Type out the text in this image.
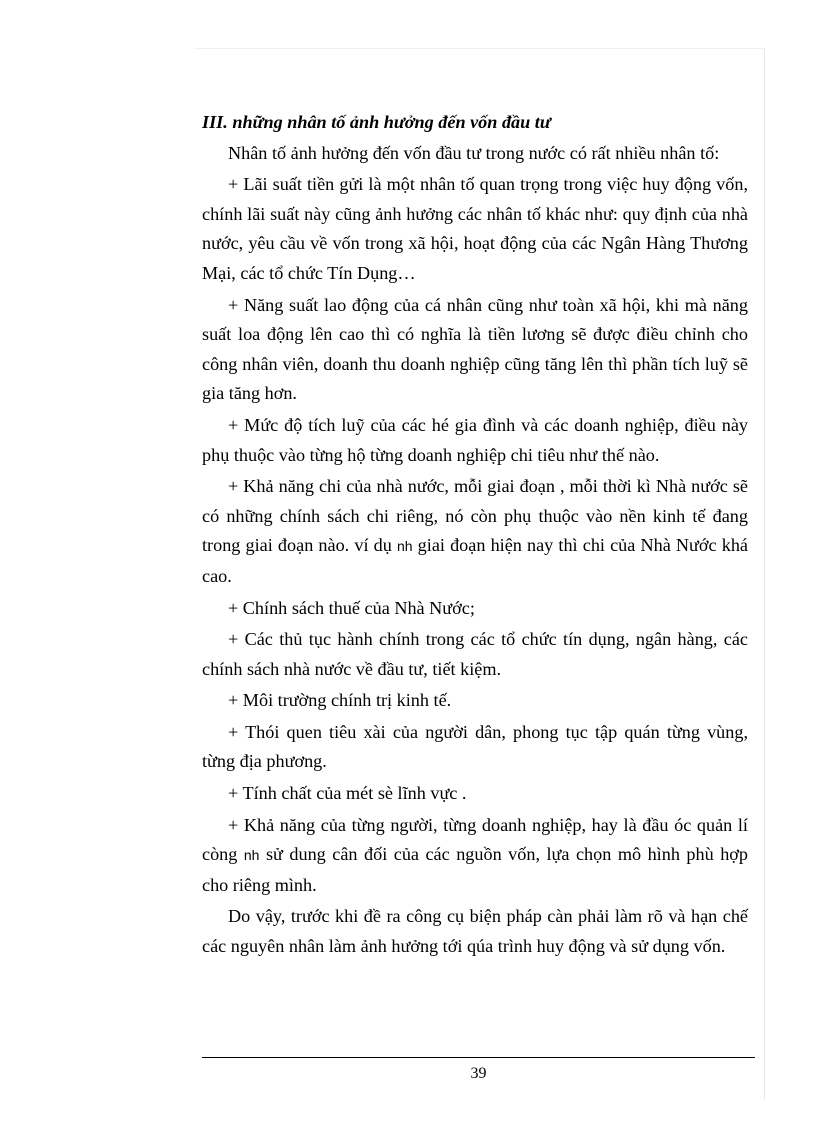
III. những nhân tố ảnh hưởng đến vốn đầu tư

Nhân tố ảnh hưởng đến vốn đầu tư trong nước có rất nhiều nhân tố:

+ Lãi suất tiền gửi là một nhân tố quan trọng trong việc huy động vốn, chính lãi suất này cũng ảnh hưởng các nhân tố khác như: quy định của nhà nước, yêu cầu về vốn trong xã hội, hoạt động của các Ngân Hàng Thương Mại, các tổ chức Tín Dụng…

+ Năng suất lao động của cá nhân cũng như toàn xã hội, khi mà năng suất loa động lên cao thì có nghĩa là tiền lương sẽ được điều chỉnh cho công nhân viên, doanh thu doanh nghiệp cũng tăng lên thì phần tích luỹ sẽ gia tăng hơn.

+ Mức độ tích luỹ của các hé gia đình và các doanh nghiệp, điều này phụ thuộc vào từng hộ từng doanh nghiệp chi tiêu như thế nào.

+ Khả năng chi của nhà nước, mỗi giai đoạn , mỗi thời kì Nhà nước sẽ có những chính sách chi riêng, nó còn phụ thuộc vào nền kinh tế đang trong giai đoạn nào. ví dụ nh giai đoạn hiện nay thì chi của Nhà Nước khá cao.

+ Chính sách thuế của Nhà Nước;

+ Các thủ tục hành chính trong các tổ chức tín dụng, ngân hàng, các chính sách nhà nước về đầu tư, tiết kiệm.

+ Môi trường chính trị kinh tế.

+ Thói quen tiêu xài của người dân, phong tục tập quán từng vùng, từng địa phương.

+ Tính chất của mét sè lĩnh vực .

+ Khả năng của từng người, từng doanh nghiệp, hay là đầu óc quản lí còng nh sử dung cân đối của các nguồn vốn, lựa chọn mô hình phù hợp cho riêng mình.

Do vậy, trước khi đề ra công cụ biện pháp càn phải làm rõ và hạn chế các nguyên nhân làm ảnh hưởng tới qúa trình huy động và sử dụng vốn.

39
